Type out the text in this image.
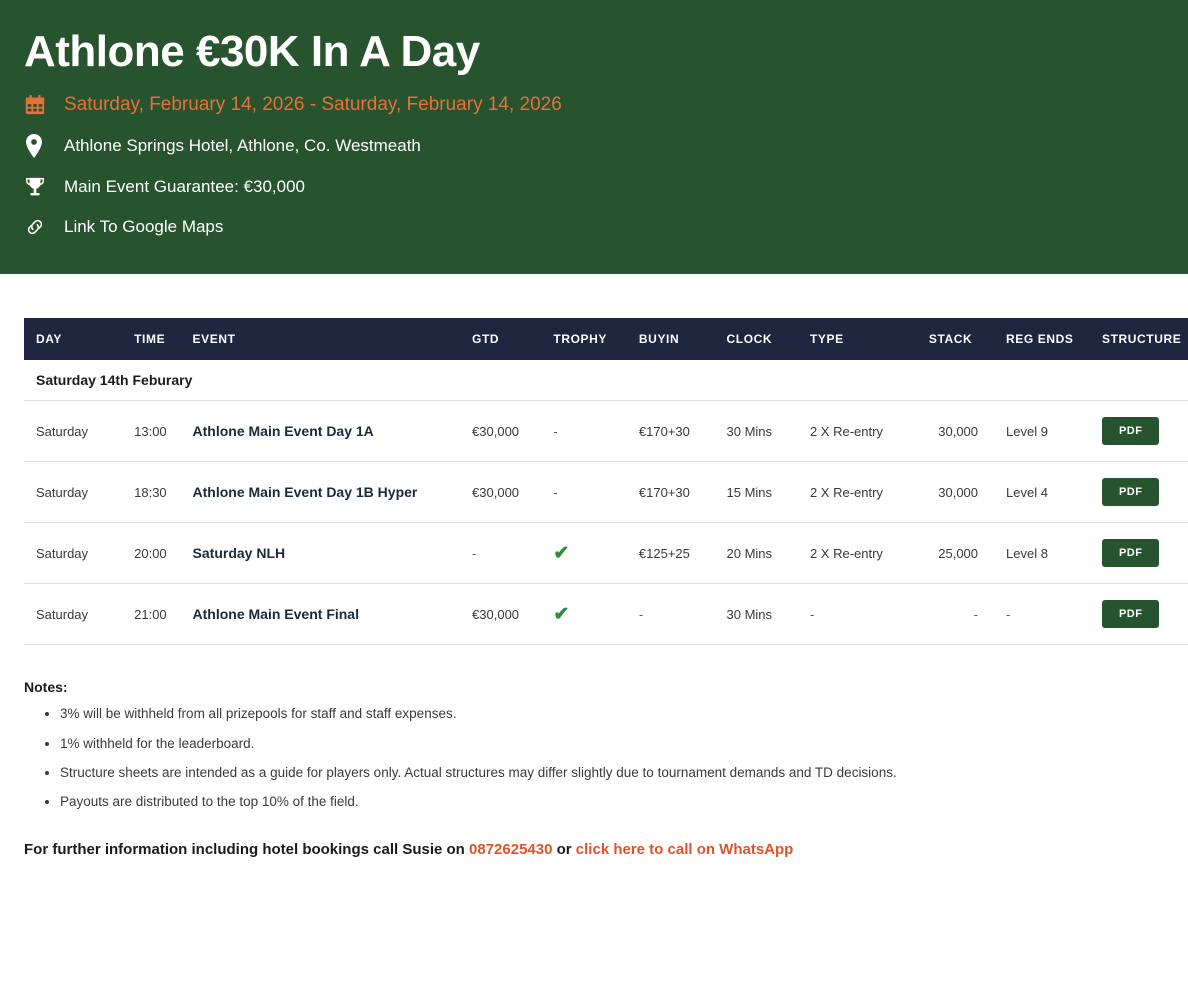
Athlone €30K In A Day
Saturday, February 14, 2026 - Saturday, February 14, 2026
Athlone Springs Hotel, Athlone, Co. Westmeath
Main Event Guarantee: €30,000
Link To Google Maps
DAY	TIME	EVENT	GTD	TROPHY	BUYIN	CLOCK	TYPE	STACK	REG ENDS	STRUCTURE
Saturday 14th Feburary										
Saturday	13:00	Athlone Main Event Day 1A	€30,000	-	€170+30	30 Mins	2 X Re-entry	30,000	Level 9	PDF
Saturday	18:30	Athlone Main Event Day 1B Hyper	€30,000	-	€170+30	15 Mins	2 X Re-entry	30,000	Level 4	PDF
Saturday	20:00	Saturday NLH	-	✔	€125+25	20 Mins	2 X Re-entry	25,000	Level 8	PDF
Saturday	21:00	Athlone Main Event Final	€30,000	✔	-	30 Mins	-	-	-	PDF
Notes:
• 3% will be withheld from all prizepools for staff and staff expenses.
• 1% withheld for the leaderboard.
• Structure sheets are intended as a guide for players only. Actual structures may differ slightly due to tournament demands and TD decisions.
• Payouts are distributed to the top 10% of the field.
For further information including hotel bookings call Susie on 0872625430 or click here to call on WhatsApp
